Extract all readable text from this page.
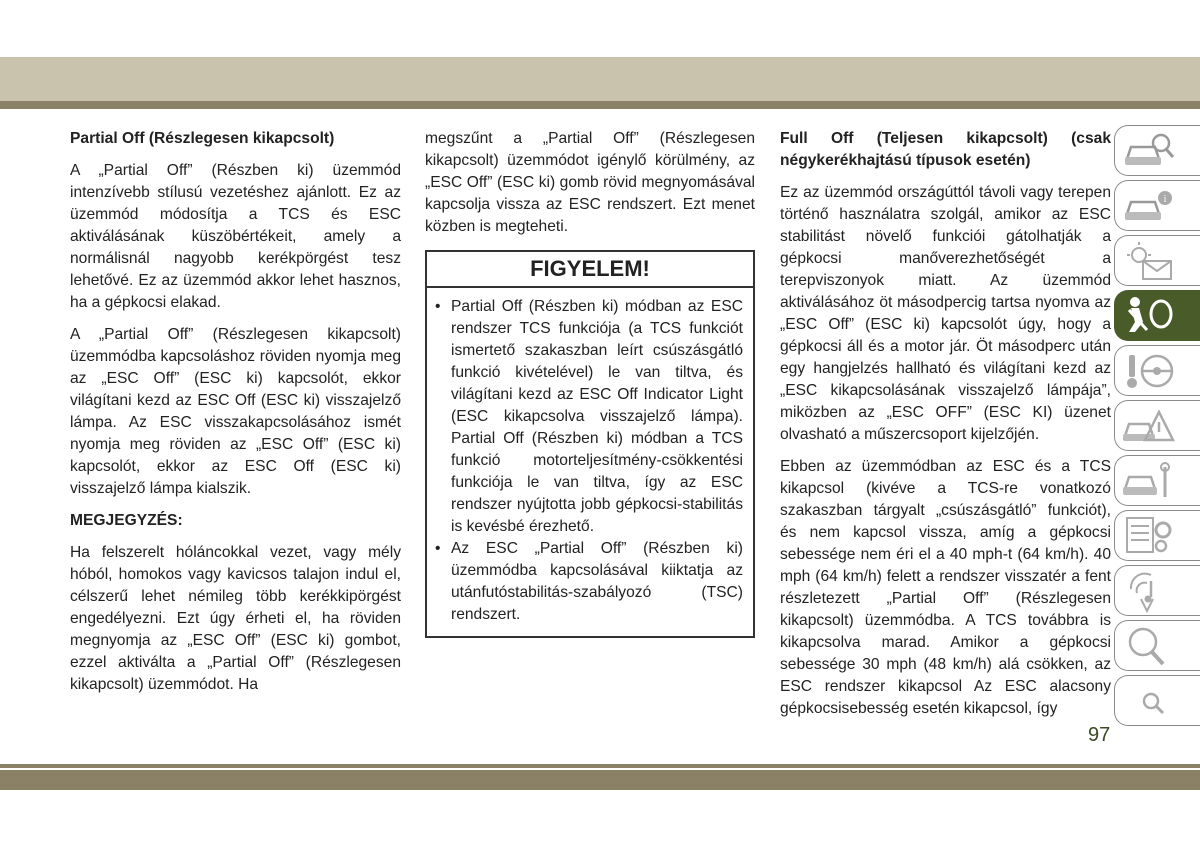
Partial Off (Részlegesen kikapcsolt)

A „Partial Off” (Részben ki) üzemmód intenzívebb stílusú vezetéshez ajánlott. Ez az üzemmód módosítja a TCS és ESC aktiválásának küszöbértékeit, amely a normálisnál nagyobb kerékpörgést tesz lehetővé. Ez az üzemmód akkor lehet hasznos, ha a gépkocsi elakad.

A „Partial Off” (Részlegesen kikapcsolt) üzemmódba kapcsoláshoz röviden nyomja meg az „ESC Off” (ESC ki) kapcsolót, ekkor világítani kezd az ESC Off (ESC ki) visszajelző lámpa. Az ESC visszakapcsolásához ismét nyomja meg röviden az „ESC Off” (ESC ki) kapcsolót, ekkor az ESC Off (ESC ki) visszajelző lámpa kialszik.

MEGJEGYZÉS:

Ha felszerelt hóláncokkal vezet, vagy mély hóból, homokos vagy kavicsos talajon indul el, célszerű lehet némileg több kerékkipörgést engedélyezni. Ezt úgy érheti el, ha röviden megnyomja az „ESC Off” (ESC ki) gombot, ezzel aktiválta a „Partial Off” (Részlegesen kikapcsolt) üzemmódot. Ha

megszűnt a „Partial Off” (Részlegesen kikapcsolt) üzemmódot igénylő körülmény, az „ESC Off” (ESC ki) gomb rövid megnyomásával kapcsolja vissza az ESC rendszert. Ezt menet közben is megteheti.

FIGYELEM!
• Partial Off (Részben ki) módban az ESC rendszer TCS funkciója (a TCS funkciót ismertető szakaszban leírt csúszásgátló funkció kivételével) le van tiltva, és világítani kezd az ESC Off Indicator Light (ESC kikapcsolva visszajelző lámpa). Partial Off (Részben ki) módban a TCS funkció motorteljesítmény-csökkentési funkciója le van tiltva, így az ESC rendszer nyújtotta jobb gépkocsi-stabilitás is kevésbé érezhető.
• Az ESC „Partial Off” (Részben ki) üzemmódba kapcsolásával kiiktatja az utánfutóstabilitás-szabályozó (TSC) rendszert.

Full Off (Teljesen kikapcsolt) (csak négykerékhajtású típusok esetén)

Ez az üzemmód országúttól távoli vagy terepen történő használatra szolgál, amikor az ESC stabilitást növelő funkciói gátolhatják a gépkocsi manőverezhetőségét a terepviszonyok miatt. Az üzemmód aktiválásához öt másodpercig tartsa nyomva az „ESC Off” (ESC ki) kapcsolót úgy, hogy a gépkocsi áll és a motor jár. Öt másodperc után egy hangjelzés hallható és világítani kezd az „ESC kikapcsolásának visszajelző lámpája”, miközben az „ESC OFF” (ESC KI) üzenet olvasható a műszercsoport kijelzőjén.

Ebben az üzemmódban az ESC és a TCS kikapcsol (kivéve a TCS-re vonatkozó szakaszban tárgyalt „csúszásgátló” funkciót), és nem kapcsol vissza, amíg a gépkocsi sebessége nem éri el a 40 mph-t (64 km/h). 40 mph (64 km/h) felett a rendszer visszatér a fent részletezett „Partial Off” (Részlegesen kikapcsolt) üzemmódba. A TCS továbbra is kikapcsolva marad. Amikor a gépkocsi sebessége 30 mph (48 km/h) alá csökken, az ESC rendszer kikapcsol Az ESC alacsony gépkocsisebesség esetén kikapcsol, így

97
i
